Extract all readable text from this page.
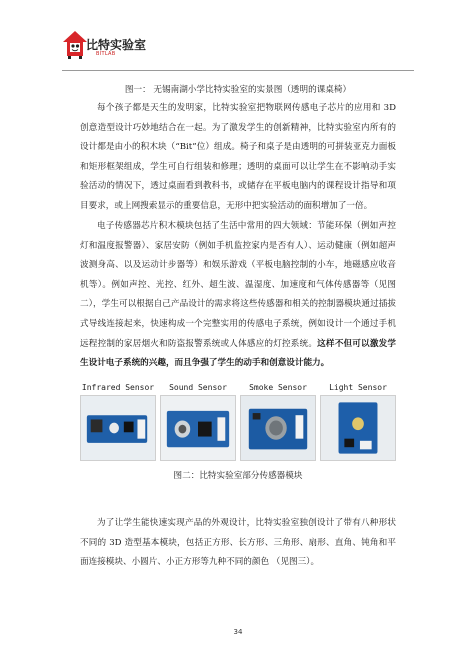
比特实验室
BITLAB

图一： 无锡南湖小学比特实验室的实景图（透明的课桌椅）

每个孩子都是天生的发明家，比特实验室把物联网传感电子芯片的应用和 3D 创意造型设计巧妙地结合在一起。为了激发学生的创新精神，比特实验室内所有的设计都是由小的积木块（“Bit”位）组成。椅子和桌子是由透明的可拼装亚克力面板和矩形框架组成，学生可自行组装和修理；透明的桌面可以让学生在不影响动手实验活动的情况下，透过桌面看到教科书，或储存在平板电脑内的课程设计指导和项目要求，或上网搜索显示的重要信息，无形中把实验活动的面积增加了一倍。

电子传感器芯片积木模块包括了生活中常用的四大领域：节能环保（例如声控灯和温度报警器）、家居安防（例如手机监控家内是否有人）、运动健康（例如超声波测身高、以及运动计步器等）和娱乐游戏（平板电脑控制的小车，地磁感应收音机等）。例如声控、光控、红外、超生波、温湿度、加速度和气体传感器等（见图二），学生可以根据自己产品设计的需求将这些传感器和相关的控制器模块通过插拔式导线连接起来，快速构成一个完整实用的传感电子系统，例如设计一个通过手机远程控制的家居烟火和防盗报警系统或人体感应的灯控系统。这样不但可以激发学生设计电子系统的兴趣，而且争强了学生的动手和创意设计能力。

Infrared Sensor	Sound Sensor	Smoke Sensor	Light Sensor

图二：比特实验室部分传感器模块

为了让学生能快速实现产品的外观设计，比特实验室独创设计了带有八种形状不同的 3D 造型基本模块，包括正方形、长方形、三角形、扇形、直角、钝角和平面连接模块、小圆片、小正方形等九种不同的颜色 （见图三）。

34
